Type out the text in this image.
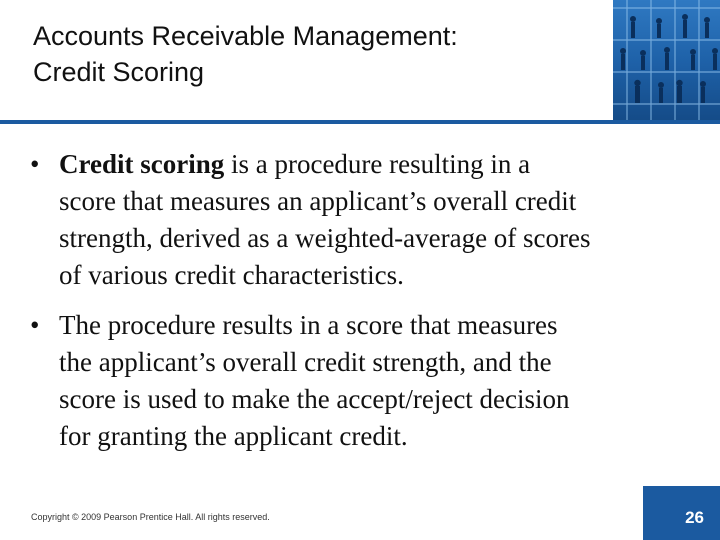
Accounts Receivable Management:
Credit Scoring
• Credit scoring is a procedure resulting in a
score that measures an applicant’s overall credit
strength, derived as a weighted-average of scores
of various credit characteristics.
• The procedure results in a score that measures
the applicant’s overall credit strength, and the
score is used to make the accept/reject decision
for granting the applicant credit.
Copyright © 2009 Pearson Prentice Hall. All rights reserved.	26
